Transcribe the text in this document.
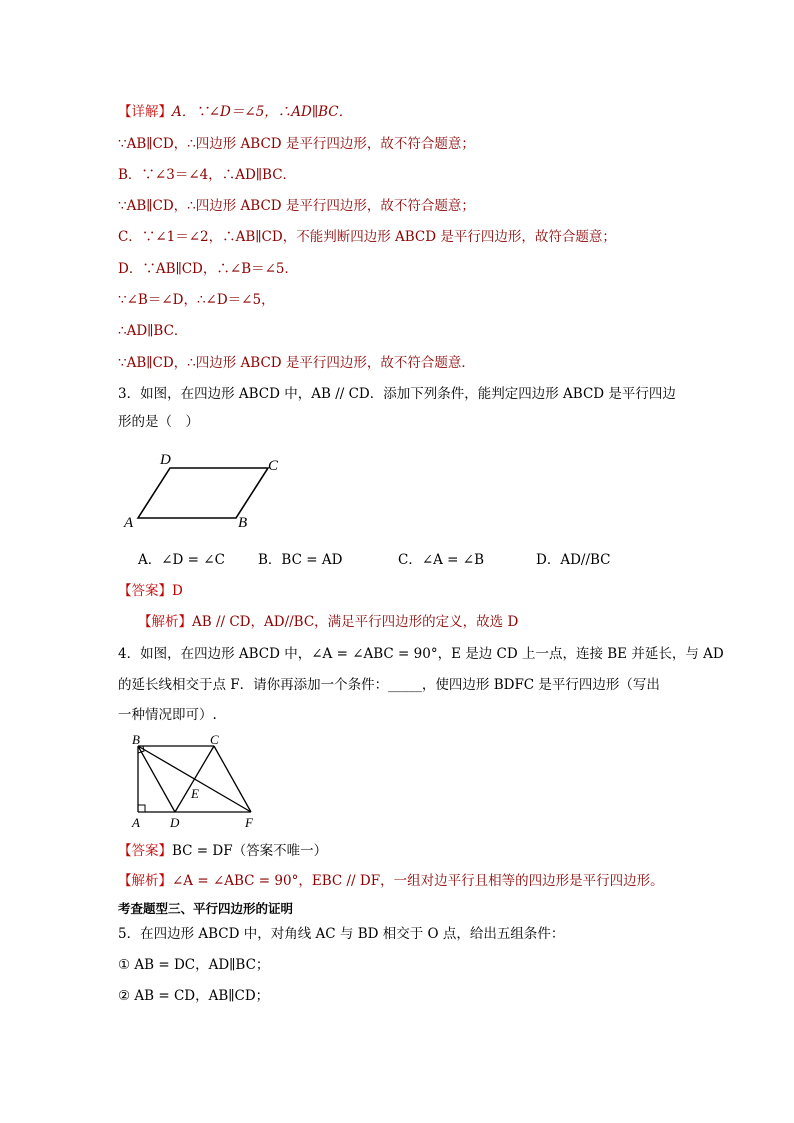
【详解】A．∵∠D＝∠5，∴AD∥BC．
∵AB∥CD，∴四边形 ABCD 是平行四边形，故不符合题意；
B．∵∠3＝∠4，∴AD∥BC．
∵AB∥CD，∴四边形 ABCD 是平行四边形，故不符合题意；
C．∵∠1＝∠2，∴AB∥CD，不能判断四边形 ABCD 是平行四边形，故符合题意；
D．∵AB∥CD，∴∠B＝∠5．
∵∠B＝∠D，∴∠D＝∠5，
∴AD∥BC．
∵AB∥CD，∴四边形 ABCD 是平行四边形，故不符合题意．
3．如图，在四边形 ABCD 中，AB // CD．添加下列条件，能判定四边形 ABCD 是平行四边
形的是（　）
D	C
A	B
A．∠D = ∠C B．BC = AD	C．∠A = ∠B	D．AD//BC
【答案】D
【解析】AB // CD，AD//BC，满足平行四边形的定义，故选 D
4．如图，在四边形 ABCD 中，∠A = ∠ABC = 90°，E 是边 CD 上一点，连接 BE 并延长，与 AD
的延长线相交于点 F．请你再添加一个条件：_____，使四边形 BDFC 是平行四边形（写出
一种情况即可）.
B	C
E
A D	F
【答案】BC = DF（答案不唯一）
【解析】∠A = ∠ABC = 90°，EBC // DF，一组对边平行且相等的四边形是平行四边形。
考查题型三、平行四边形的证明
5．在四边形 ABCD 中，对角线 AC 与 BD 相交于 O 点，给出五组条件：
① AB = DC，AD∥BC；
② AB = CD，AB∥CD；
